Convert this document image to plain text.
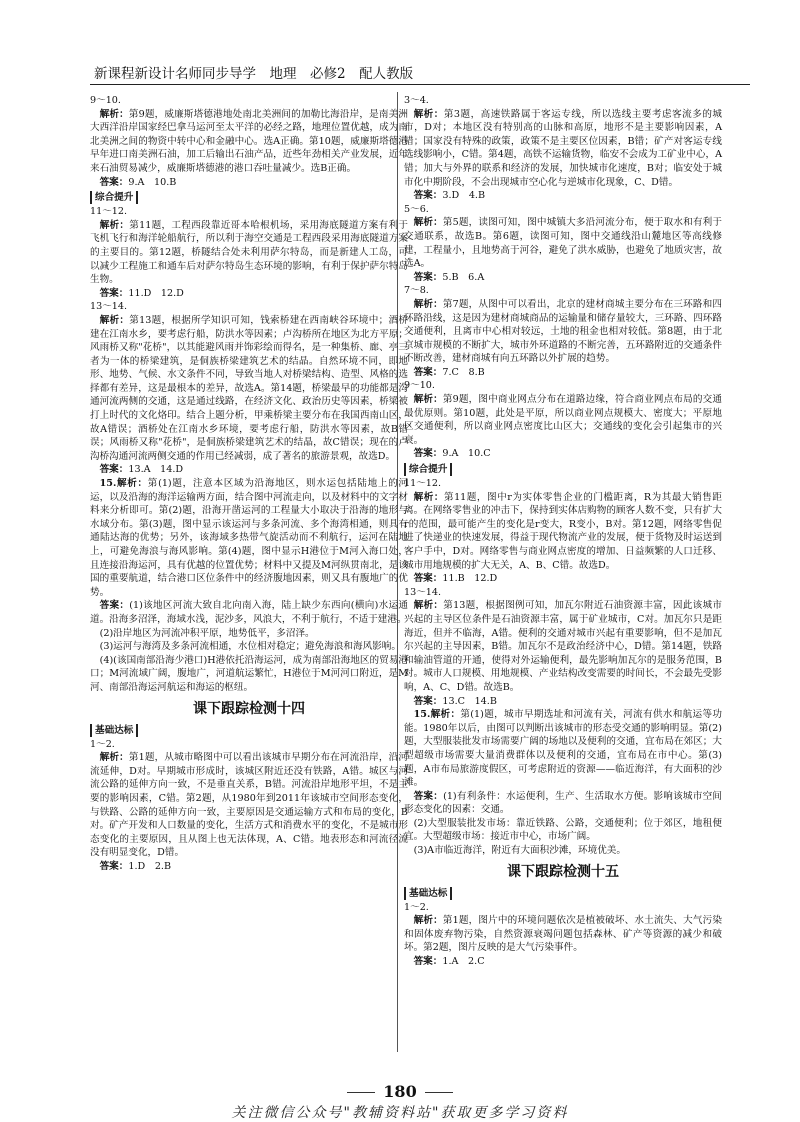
新课程新设计名师同步导学　地理　必修2　配人教版

9～10.

解析：第9题，威廉斯塔德港地处南北美洲间的加勒比海沿岸，是南美洲大西洋沿岸国家经巴拿马运河至太平洋的必经之路，地理位置优越，成为南北美洲之间的物资中转中心和金融中心。选A正确。第10题，威廉斯塔德港早年进口南美洲石油，加工后输出石油产品，近些年劲相关产业发展，近年来石油贸易减少，威廉斯塔德港的港口吞吐量减少。选B正确。

答案：9.A　10.B

综合提升

11～12.

解析：第11题，工程西段靠近哥本哈根机场，采用海底隧道方案有利于飞机飞行和海洋轮船航行，所以利于海空交通是工程西段采用海底隧道方案的主要目的。第12题，桥隧结合处未利用萨尔特岛，而是新建人工岛，可以减少工程施工和通车后对萨尔特岛生态环境的影响，有利于保护萨尔特岛生物。

答案：11.D　12.D

13～14.

解析：第13题，根据所学知识可知，钱索桥建在西南峡谷环境中；酒桥建在江南水乡，要考虑行船，防洪水等因素；卢沟桥所在地区为北方平原；风雨桥又称"花桥"，以其能避风雨并饰彩绘而得名，是一种集桥、廊、亭三者为一体的桥梁建筑，是侗族桥梁建筑艺术的结晶。自然环境不同，即地形、地势、气候、水文条件不同，导致当地人对桥梁结构、造型、风格的选择都有差异，这是最根本的差异，故选A。第14题，桥梁最早的功能都是沟通河流两侧的交通，这是通过线路，在经济文化、政治历史等因素，桥梁被打上时代的文化烙印。结合上题分析，甲乘桥梁主要分布在我国西南山区，故A错误；酒桥处在江南水乡环境，要考虑行船，防洪水等因素，故B错误；风雨桥又称"花桥"，是侗族桥梁建筑艺术的结晶，故C错误；现在的卢沟桥沟通河流两侧交通的作用已经减弱，成了著名的旅游景观，故选D。

答案：13.A　14.D

15.解析：第(1)题，注意本区域为沿海地区，则水运包括陆地上的河运，以及沿海的海洋运输两方面，结合图中河流走向，以及材料中的文字材料来分析即可。第(2)题，沿海开凿运河的工程量大小取决于沿海的地形与水域分布。第(3)题，图中显示该运河与多条河流、多个海湾相通，则具有通陆达海的优势；另外，该海域多热带气旋活动而不利航行，运河在陆地上，可避免海浪与海风影响。第(4)题，图中显示H港位于M河入海口处，且连接沿海运河，具有优越的位置优势；材料中又提及M河纵贯南北，是该国的重要航道，结合港口区位条件中的经济腹地因素，则又具有腹地广的优势。

答案：(1)该地区河流大致自北向南入海，陆上缺少东西向(横向)水运通道。沿海多沼泽，海域水浅，泥沙多，风浪大，不利于航行，不适于建港。

(2)沿岸地区为河流冲积平原，地势低平，多沼泽。

(3)运河与海湾及多条河流相通，水位相对稳定；避免海浪和海风影响。

(4)(该国南部沿海少港口)H港依托沿海运河，成为南部沿海地区的贸易港口；M河流域广阔，腹地广，河道航运繁忙，H港位于M河河口附近，是M河、南部沿海运河航运和海运的枢纽。

课下跟踪检测十四
基础达标

1～2.

解析：第1题，从城市略图中可以看出该城市早期分布在河流沿岸，沿河流延伸，D对。早期城市形成时，该城区附近还没有铁路，A错。城区与河流公路的延伸方向一致，不是垂直关系，B错。河流沿岸地形平坦，不是主要的影响因素，C错。第2题，从1980年到2011年该城市空间形态变化，与铁路、公路的延伸方向一致，主要原因是交通运输方式和布局的变化，B对。矿产开发和人口数量的变化，生活方式和消费水平的变化，不是城市形态变化的主要原因，且从图上也无法体现，A、C错。地表形态和河流径流没有明显变化，D错。

答案：1.D　2.B

3～4.

解析：第3题，高速铁路属于客运专线，所以选线主要考虑客流多的城市，D对；本地区没有特别高的山脉和高原，地形不是主要影响因素，A错；国家没有特殊的政策，政策不是主要区位因素，B错；矿产对客运专线选线影响小，C错。第4题，高铁不运输货物，临安不会成为工矿业中心，A错；加大与外界的联系和经济的发展，加快城市化速度，B对；临安处于城市化中期阶段，不会出现城市空心化与逆城市化现象，C、D错。

答案：3.D　4.B

5～6.

解析：第5题，读图可知，图中城镇大多沿河流分布，便于取水和有利于交通联系，故选B。第6题，读图可知，图中交通线沿山麓地区等高线修建，工程量小，且地势高于河谷，避免了洪水威胁，也避免了地质灾害，故选A。

答案：5.B　6.A

7～8.

解析：第7题，从图中可以看出，北京的建材商城主要分布在三环路和四环路沿线，这是因为建材商城商品的运输量和储存量较大，三环路、四环路交通便利，且离市中心相对较远，土地的租金也相对较低。第8题，由于北京城市规模的不断扩大，城市外环道路的不断完善，五环路附近的交通条件不断改善，建材商城有向五环路以外扩展的趋势。

答案：7.C　8.B

9～10.

解析：第9题，图中商业网点分布在道路边缘，符合商业网点布局的交通最优原则。第10题，此处是平原，所以商业网点规模大、密度大；平原地区交通便利，所以商业网点密度比山区大；交通线的变化会引起集市的兴衰。

答案：9.A　10.C

综合提升

11～12.

解析：第11题，图中r为实体零售企业的门槛距离，R为其最大销售距离。在网络零售业的冲击下，保持到实体店购物的顾客人数不变，只有扩大r的范围，最可能产生的变化是r变大，R变小，B对。第12题，网络零售促进了快递业的快速发展，得益于现代物流产业的发展，便于货物及时运送到客户手中，D对。网络零售与商业网点密度的增加、日益频繁的人口迁移、城市用地规模的扩大无关，A、B、C错。故选D。

答案：11.B　12.D

13～14.

解析：第13题，根据图例可知，加瓦尔附近石油资源丰富，因此该城市兴起的主导区位条件是石油资源丰富，属于矿业城市，C对。加瓦尔只是距海近，但并不临海，A错。便利的交通对城市兴起有重要影响，但不是加瓦尔兴起的主导因素，B错。加瓦尔不是政治经济中心，D错。第14题，铁路和输油管道的开通，使得对外运输便利，最先影响加瓦尔的是服务范围，B对。城市人口规模、用地规模、产业结构改变需要的时间长，不会最先受影响，A、C、D错。故选B。

答案：13.C　14.B

15.解析：第(1)题，城市早期选址和河流有关，河流有供水和航运等功能。1980年以后，由图可以判断出该城市的形态受交通的影响明显。第(2)题，大型服装批发市场需要广阔的场地以及便利的交通，宜布局在郊区；大型超级市场需要大量消费群体以及便利的交通，宜布局在市中心。第(3)题，A市布局旅游度假区，可考虑附近的资源——临近海洋，有大面积的沙滩。

答案：(1)有利条件：水运便利，生产、生活取水方便。影响该城市空间形态变化的因素：交通。

(2)大型服装批发市场：靠近铁路、公路，交通便利；位于郊区，地租便宜。大型超级市场：接近市中心，市场广阔。

(3)A市临近海洋，附近有大面积沙滩，环境优美。

课下跟踪检测十五
基础达标

1～2.

解析：第1题，图片中的环境问题依次是植被破坏、水土流失、大气污染和固体废弃物污染，自然资源衰竭问题包括森林、矿产等资源的减少和破坏。第2题，图片反映的是大气污染事件。

答案：1.A　2.C

180
关注微信公众号"教辅资料站"获取更多学习资料
